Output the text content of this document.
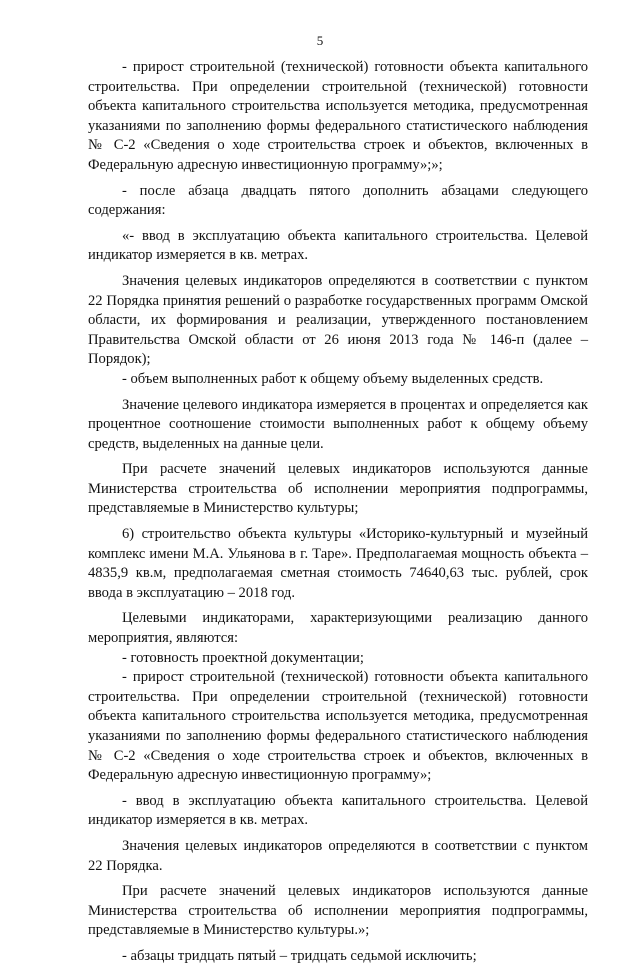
5

- прирост строительной (технической) готовности объекта капитального строительства. При определении строительной (технической) готовности объекта капитального строительства используется методика, предусмотренная указаниями по заполнению формы федерального статистического наблюдения № С-2 «Сведения о ходе строительства строек и объектов, включенных в Федеральную адресную инвестиционную программу»;»;

- после абзаца двадцать пятого дополнить абзацами следующего содержания:

«- ввод в эксплуатацию объекта капитального строительства. Целевой индикатор измеряется в кв. метрах.

Значения целевых индикаторов определяются в соответствии с пунктом 22 Порядка принятия решений о разработке государственных программ Омской области, их формирования и реализации, утвержденного постановлением Правительства Омской области от 26 июня 2013 года № 146-п (далее – Порядок);

- объем выполненных работ к общему объему выделенных средств.

Значение целевого индикатора измеряется в процентах и определяется как процентное соотношение стоимости выполненных работ к общему объему средств, выделенных на данные цели.

При расчете значений целевых индикаторов используются данные Министерства строительства об исполнении мероприятия подпрограммы, представляемые в Министерство культуры;

6) строительство объекта культуры «Историко-культурный и музейный комплекс имени М.А. Ульянова в г. Таре». Предполагаемая мощность объекта – 4835,9 кв.м, предполагаемая сметная стоимость 74640,63 тыс. рублей, срок ввода в эксплуатацию – 2018 год.

Целевыми индикаторами, характеризующими реализацию данного мероприятия, являются:

- готовность проектной документации;

- прирост строительной (технической) готовности объекта капитального строительства. При определении строительной (технической) готовности объекта капитального строительства используется методика, предусмотренная указаниями по заполнению формы федерального статистического наблюдения № С-2 «Сведения о ходе строительства строек и объектов, включенных в Федеральную адресную инвестиционную программу»;

- ввод в эксплуатацию объекта капитального строительства. Целевой индикатор измеряется в кв. метрах.

Значения целевых индикаторов определяются в соответствии с пунктом 22 Порядка.

При расчете значений целевых индикаторов используются данные Министерства строительства об исполнении мероприятия подпрограммы, представляемые в Министерство культуры.»;

- абзацы тридцать пятый – тридцать седьмой исключить;
